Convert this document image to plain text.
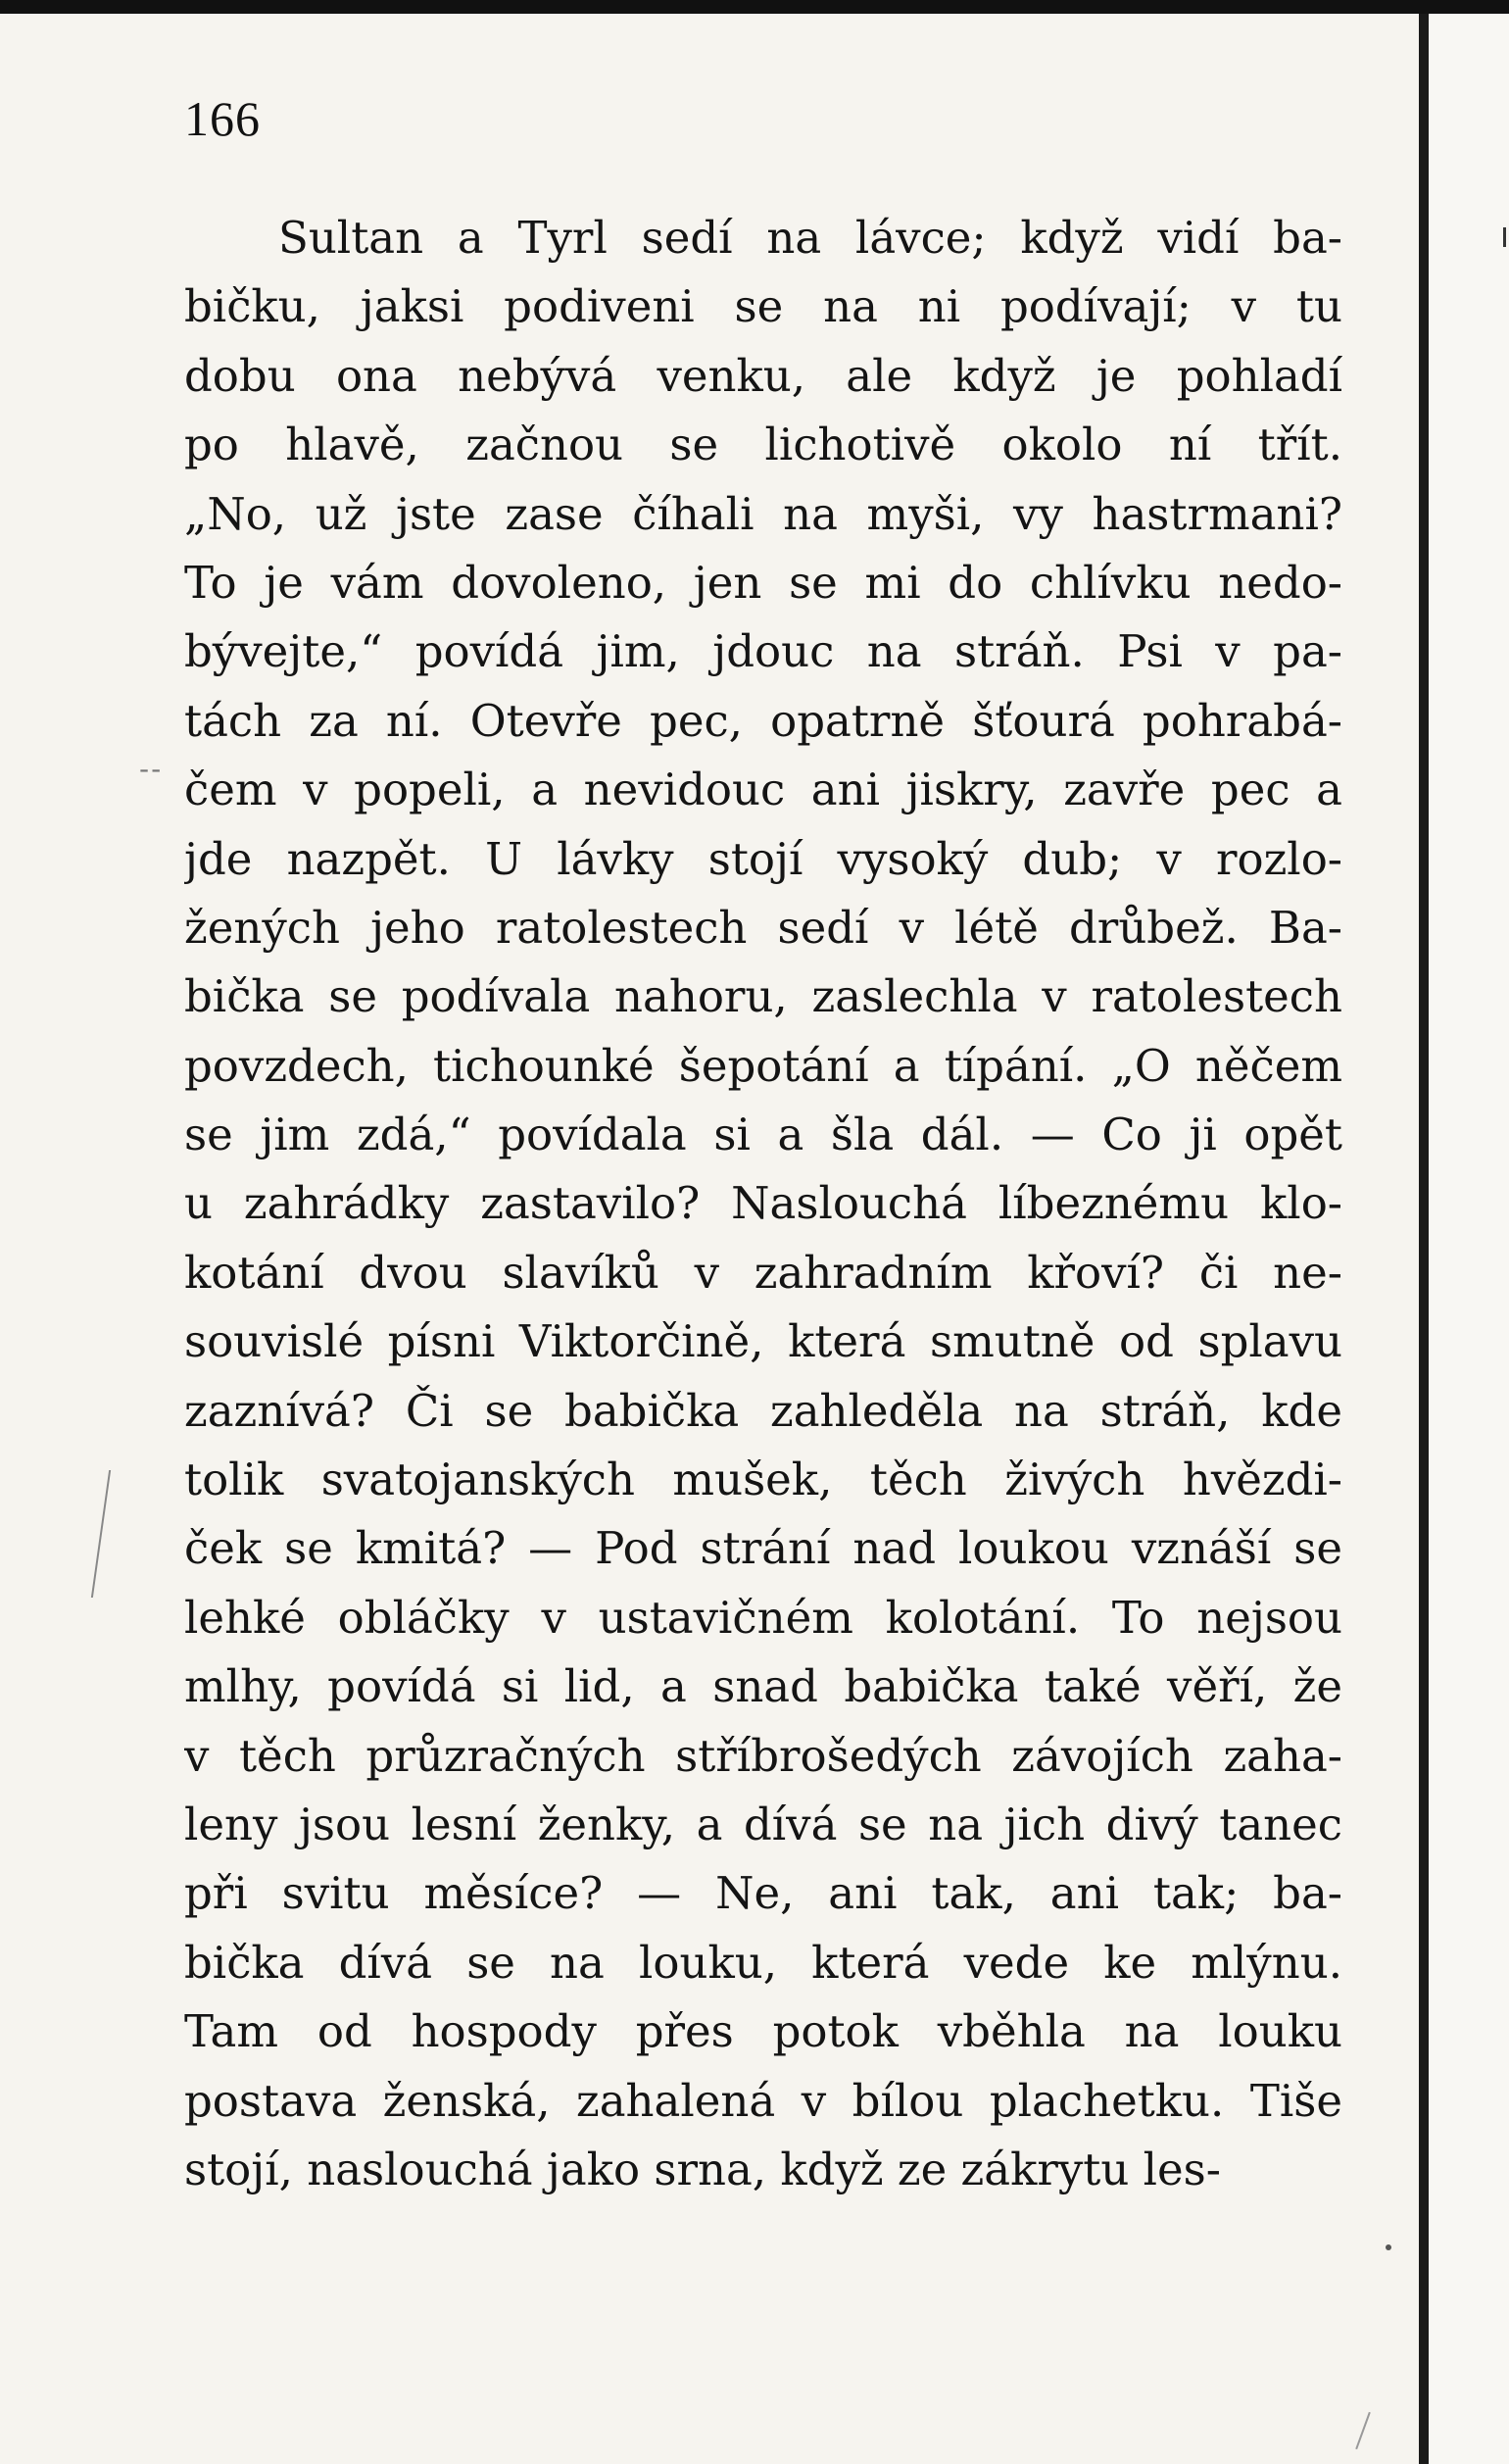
166
Sultan a Tyrl sedí na lávce; když vidí ba-
bičku, jaksi podiveni se na ni podívají; v tu
dobu ona nebývá venku, ale když je pohladí
po hlavě, začnou se lichotivě okolo ní třít.
„No, už jste zase číhali na myši, vy hastrmani?
To je vám dovoleno, jen se mi do chlívku nedo-
bývejte,“ povídá jim, jdouc na stráň. Psi v pa-
tách za ní. Otevře pec, opatrně šťourá pohrabá-
čem v popeli, a nevidouc ani jiskry, zavře pec a
jde nazpět. U lávky stojí vysoký dub; v rozlo-
žených jeho ratolestech sedí v létě drůbež. Ba-
bička se podívala nahoru, zaslechla v ratolestech
povzdech, tichounké šepotání a típání. „O něčem
se jim zdá,“ povídala si a šla dál. — Co ji opět
u zahrádky zastavilo? Naslouchá líbeznému klo-
kotání dvou slavíků v zahradním křoví? či ne-
souvislé písni Viktorčině, která smutně od splavu
zaznívá? Či se babička zahleděla na stráň, kde
tolik svatojanských mušek, těch živých hvězdi-
ček se kmitá? — Pod strání nad loukou vznáší se
lehké obláčky v ustavičném kolotání. To nejsou
mlhy, povídá si lid, a snad babička také věří, že
v těch průzračných stříbrošedých závojích zaha-
leny jsou lesní ženky, a dívá se na jich divý tanec
při svitu měsíce? — Ne, ani tak, ani tak; ba-
bička dívá se na louku, která vede ke mlýnu.
Tam od hospody přes potok vběhla na louku
postava ženská, zahalená v bílou plachetku. Tiše
stojí, naslouchá jako srna, když ze zákrytu les-
‑‑
